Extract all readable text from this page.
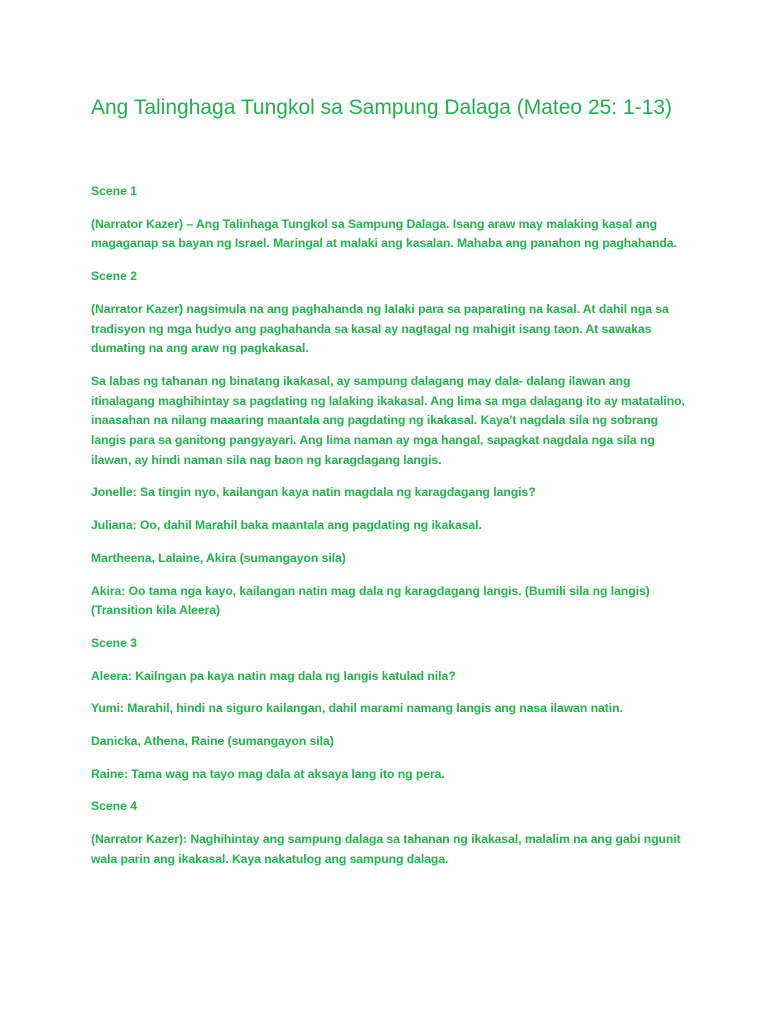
Ang Talinghaga Tungkol sa Sampung Dalaga (Mateo 25: 1-13)

Scene 1

(Narrator Kazer) – Ang Talinhaga Tungkol sa Sampung Dalaga. Isang araw may malaking kasal ang
magaganap sa bayan ng Israel. Maringal at malaki ang kasalan. Mahaba ang panahon ng paghahanda.

Scene 2

(Narrator Kazer) nagsimula na ang paghahanda ng lalaki para sa paparating na kasal. At dahil nga sa
tradisyon ng mga hudyo ang paghahanda sa kasal ay nagtagal ng mahigit isang taon. At sawakas
dumating na ang araw ng pagkakasal.

Sa labas ng tahanan ng binatang ikakasal, ay sampung dalagang may dala- dalang ilawan ang
itinalagang maghihintay sa pagdating ng lalaking ikakasal. Ang lima sa mga dalagang ito ay matatalino,
inaasahan na nilang maaaring maantala ang pagdating ng ikakasal. Kaya't nagdala sila ng sobrang
langis para sa ganitong pangyayari. Ang lima naman ay mga hangal, sapagkat nagdala nga sila ng
ilawan, ay hindi naman sila nag baon ng karagdagang langis.

Jonelle: Sa tingin nyo, kailangan kaya natin magdala ng karagdagang langis?

Juliana: Oo, dahil Marahil baka maantala ang pagdating ng ikakasal.

Martheena, Lalaine, Akira (sumangayon sila)

Akira: Oo tama nga kayo, kailangan natin mag dala ng karagdagang langis. (Bumili sila ng langis)
(Transition kila Aleera)

Scene 3

Aleera: Kailngan pa kaya natin mag dala ng langis katulad nila?

Yumi: Marahil, hindi na siguro kailangan, dahil marami namang langis ang nasa ilawan natin.

Danicka, Athena, Raine (sumangayon sila)

Raine: Tama wag na tayo mag dala at aksaya lang ito ng pera.

Scene 4

(Narrator Kazer): Naghihintay ang sampung dalaga sa tahanan ng ikakasal, malalim na ang gabi ngunit
wala parin ang ikakasal. Kaya nakatulog ang sampung dalaga.
